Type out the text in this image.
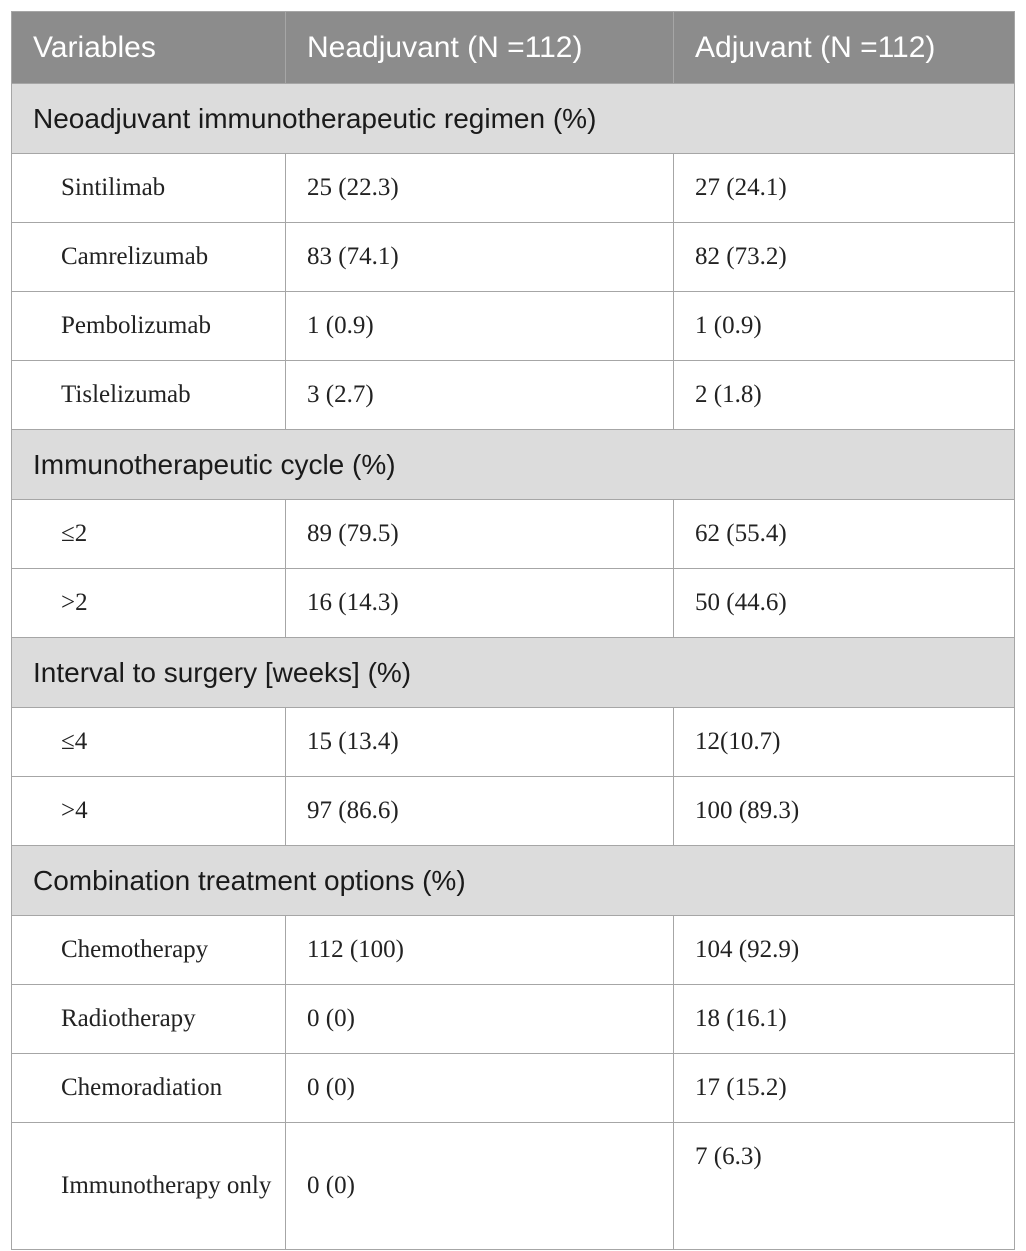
Variables	Neadjuvant (N =112)	Adjuvant (N =112)
Neoadjuvant immunotherapeutic regimen (%)		
Sintilimab	25 (22.3)	27 (24.1)
Camrelizumab	83 (74.1)	82 (73.2)
Pembolizumab	1 (0.9)	1 (0.9)
Tislelizumab	3 (2.7)	2 (1.8)
Immunotherapeutic cycle (%)		
≤2	89 (79.5)	62 (55.4)
>2	16 (14.3)	50 (44.6)
Interval to surgery [weeks] (%)		
≤4	15 (13.4)	12(10.7)
>4	97 (86.6)	100 (89.3)
Combination treatment options (%)		
Chemotherapy	112 (100)	104 (92.9)
Radiotherapy	0 (0)	18 (16.1)
Chemoradiation	0 (0)	17 (15.2)
Immunotherapy only	0 (0)	7 (6.3)
